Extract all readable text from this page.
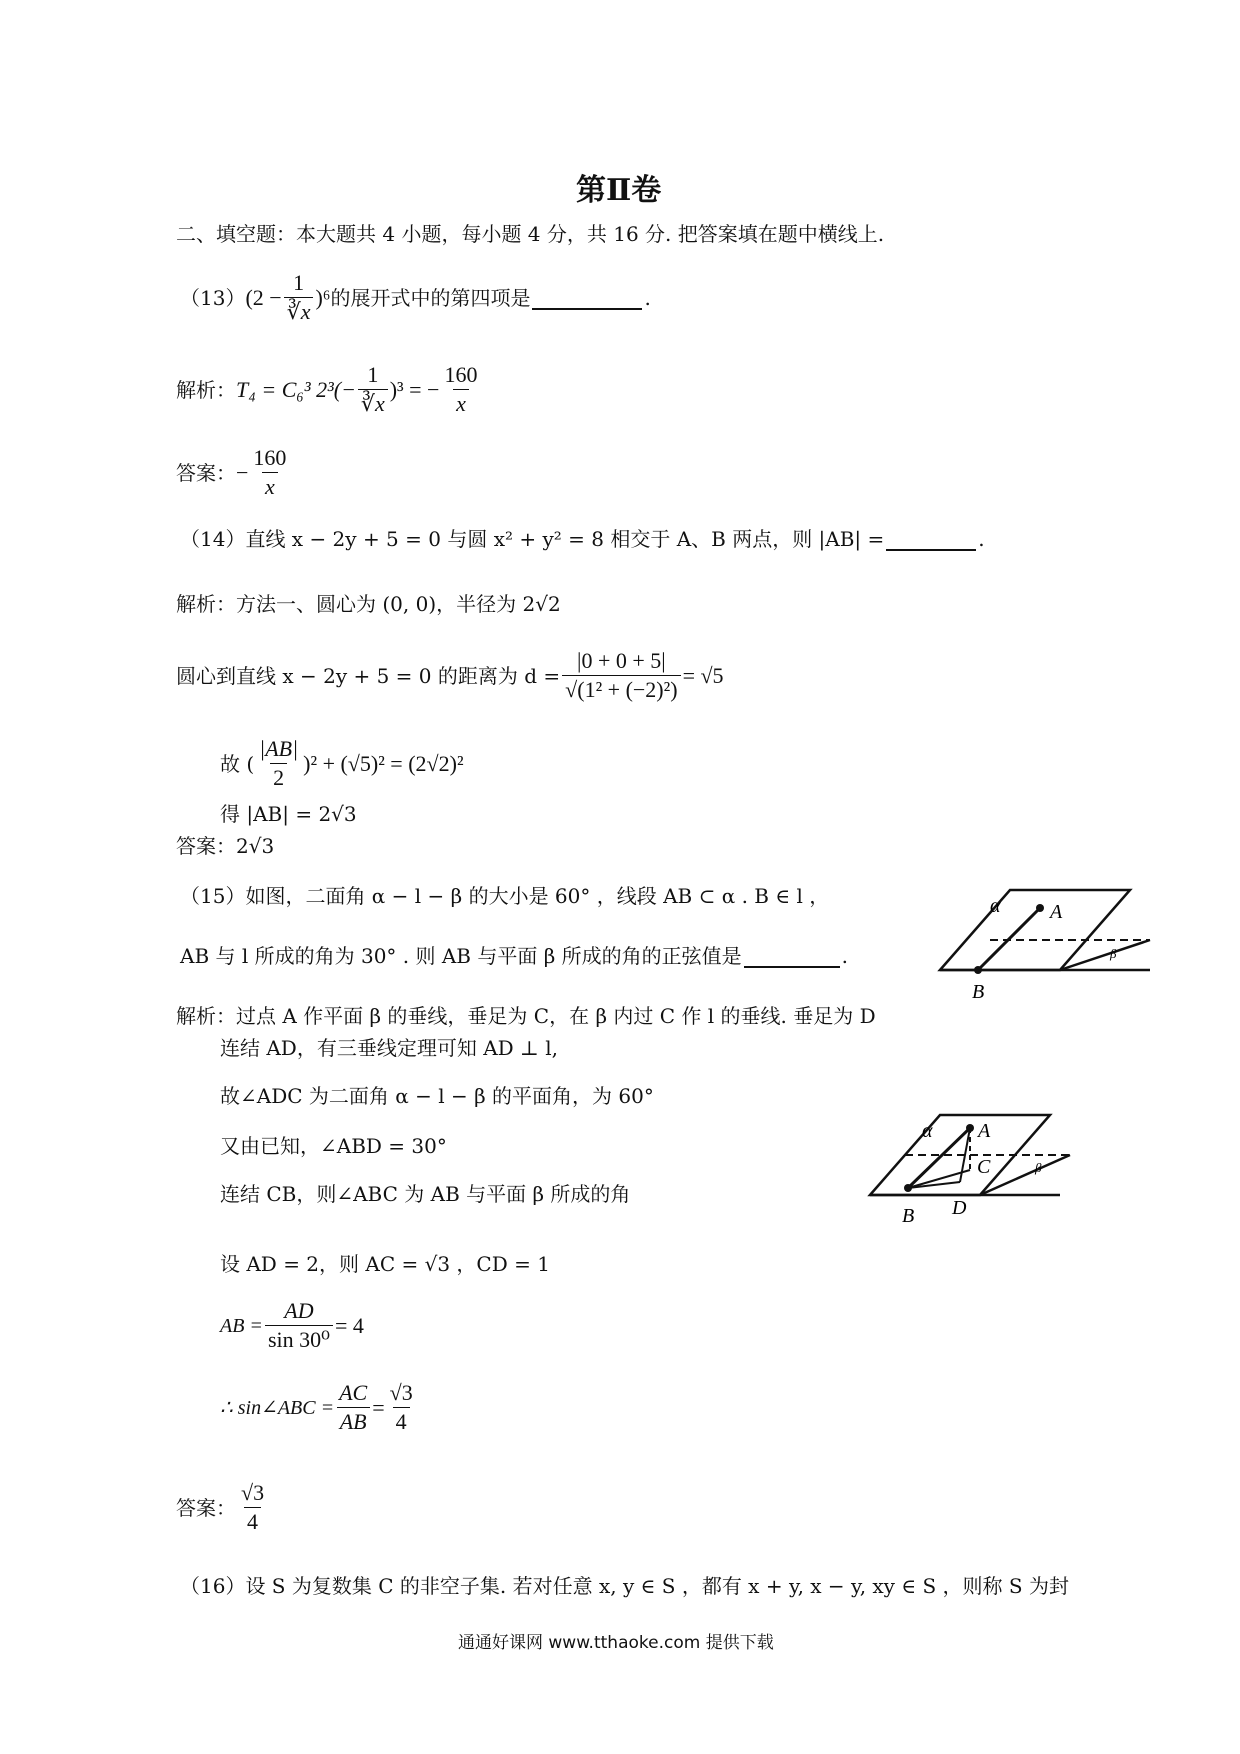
第Ⅱ卷
二、填空题：本大题共 4 小题，每小题 4 分，共 16 分. 把答案填在题中横线上.
（13） $(2 - \frac{1}{∛x} )^6$ 的展开式中的第四项是	.
解析： T₄ = C₆³ $2^3(- \frac{1}{∛x} )^3$ = − $\frac{160}{x}$
答案： − $\frac{160}{x}$
（14） 直线 x − 2y + 5 = 0 与圆 x² + y² = 8 相交于 A、B 两点，则 |AB| =	.
解析：方法一、圆心为 (0, 0)，半径为 2√2
圆心到直线 x − 2y + 5 = 0 的距离为 $d = \frac{|0 + 0 + 5|}{\text{√(1² + (−2)²)}} = √5$
故 ( $\frac{|AB|}{2} )^2 + (√5)^2 = (2√2)^2$
得 |AB| = 2√3
答案：2√3
（15） 如图，二面角 α − l − β 的大小是 60° ，线段 AB ⊂ α . B ∈ l ，
AB 与 l 所成的角为 30° . 则 AB 与平面 β 所成的角的正弦值是	.
α A
β
B
解析：过点 A 作平面 β 的垂线，垂足为 C，在 β 内过 C 作 l 的垂线. 垂足为 D
连结 AD，有三垂线定理可知 AD ⊥ l,
故∠ADC 为二面角 α − l − β 的平面角，为 60°
又由已知，∠ABD = 30°
连结 CB，则∠ABC 为 AB 与平面 β 所成的角
α A
C	β
B D
设 AD = 2，则 AC = √3 ，CD = 1
AB = $\frac{AD}{\text{sin 30⁰}} = 4$
∴ sin∠ABC = $\frac{AC}{AB} = \frac{√3}{4}$
答案： $\frac{√3}{4}$
（16） 设 S 为复数集 C 的非空子集. 若对任意 x, y ∈ S ，都有 x + y, x − y, xy ∈ S ，则称 S 为封
通通好课网 www.tthaoke.com 提供下载
